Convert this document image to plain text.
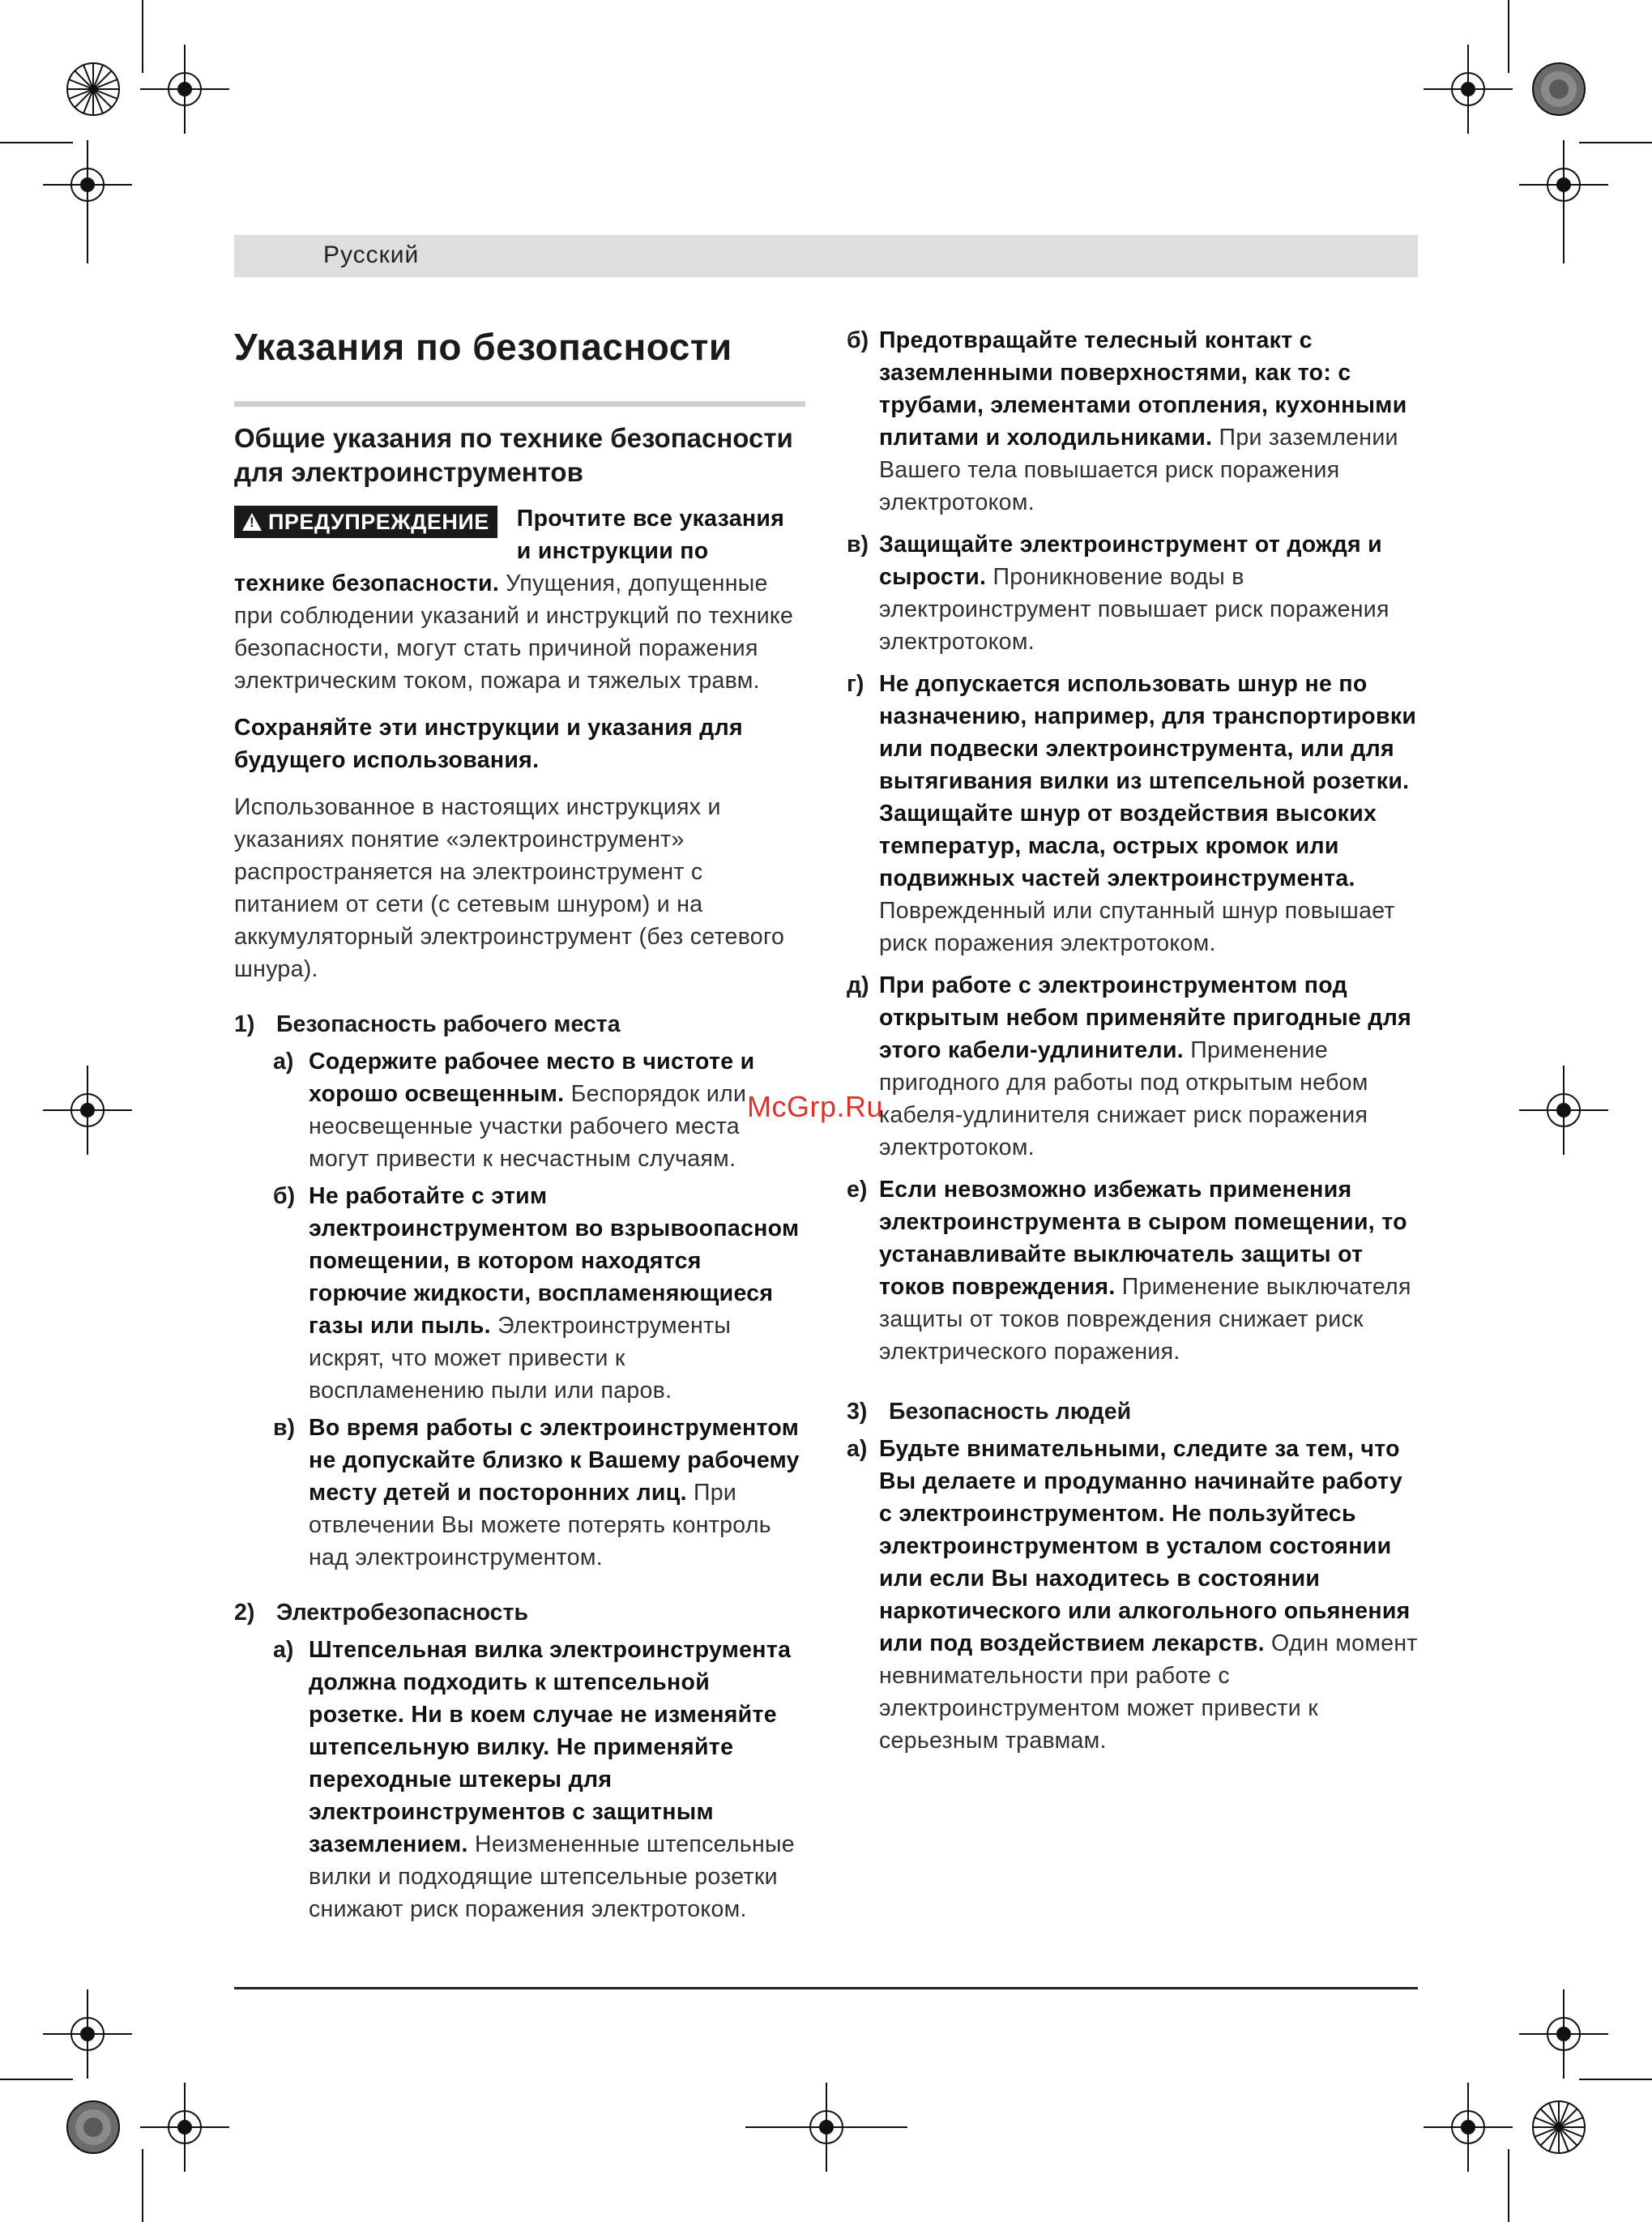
Русский
McGrp.Ru
Указания по безопасности
Общие указания по технике безопасности для электроинструментов

!ПРЕДУПРЕЖДЕНИЕ	Прочтите все указания и инструкции по технике безопасности. Упущения, допущенные при соблюдении указаний и инструкций по технике безопасности, могут стать причиной поражения электрическим током, пожара и тяжелых травм.

Сохраняйте эти инструкции и указания для будущего использования.

Использованное в настоящих инструкциях и указаниях понятие «электроинструмент» распространяется на электроинструмент с питанием от сети (с сетевым шнуром) и на аккумуляторный электроинструмент (без сетевого шнура).

1) Безопасность рабочего места
a) Содержите рабочее место в чистоте и хорошо освещенным. Беспорядок или неосвещенные участки рабочего места могут привести к несчастным случаям.

б) Не работайте с этим электроинструментом во взрывоопасном помещении, в котором находятся горючие жидкости, воспламеняющиеся газы или пыль. Электроинструменты искрят, что может привести к воспламенению пыли или паров.

в) Во время работы с электроинструментом не допускайте близко к Вашему рабочему месту детей и посторонних лиц. При отвлечении Вы можете потерять контроль над электроинструментом.

2) Электробезопасность
a) Штепсельная вилка электроинструмента должна подходить к штепсельной розетке. Ни в коем случае не изменяйте штепсельную вилку. Не применяйте переходные штекеры для электроинструментов с защитным заземлением. Неизмененные штепсельные вилки и подходящие штепсельные розетки снижают риск поражения электротоком.

б) Предотвращайте телесный контакт с заземленными поверхностями, как то: с трубами, элементами отопления, кухонными плитами и холодильниками. При заземлении Вашего тела повышается риск поражения электротоком.

в) Защищайте электроинструмент от дождя и сырости. Проникновение воды в электроинструмент повышает риск поражения электротоком.

г) Не допускается использовать шнур не по назначению, например, для транспортировки или подвески электроинструмента, или для вытягивания вилки из штепсельной розетки. Защищайте шнур от воздействия высоких температур, масла, острых кромок или подвижных частей электроинструмента. Поврежденный или спутанный шнур повышает риск поражения электротоком.

д) При работе с электроинструментом под открытым небом применяйте пригодные для этого кабели-удлинители. Применение пригодного для работы под открытым небом кабеля-удлинителя снижает риск поражения электротоком.

е) Если невозможно избежать применения электроинструмента в сыром помещении, то устанавливайте выключатель защиты от токов повреждения. Применение выключателя защиты от токов повреждения снижает риск электрического поражения.

3) Безопасность людей
a) Будьте внимательными, следите за тем, что Вы делаете и продуманно начинайте работу с электроинструментом. Не пользуйтесь электроинструментом в усталом состоянии или если Вы находитесь в состоянии наркотического или алкогольного опьянения или под воздействием лекарств. Один момент невнимательности при работе с электроинструментом может привести к серьезным травмам.
